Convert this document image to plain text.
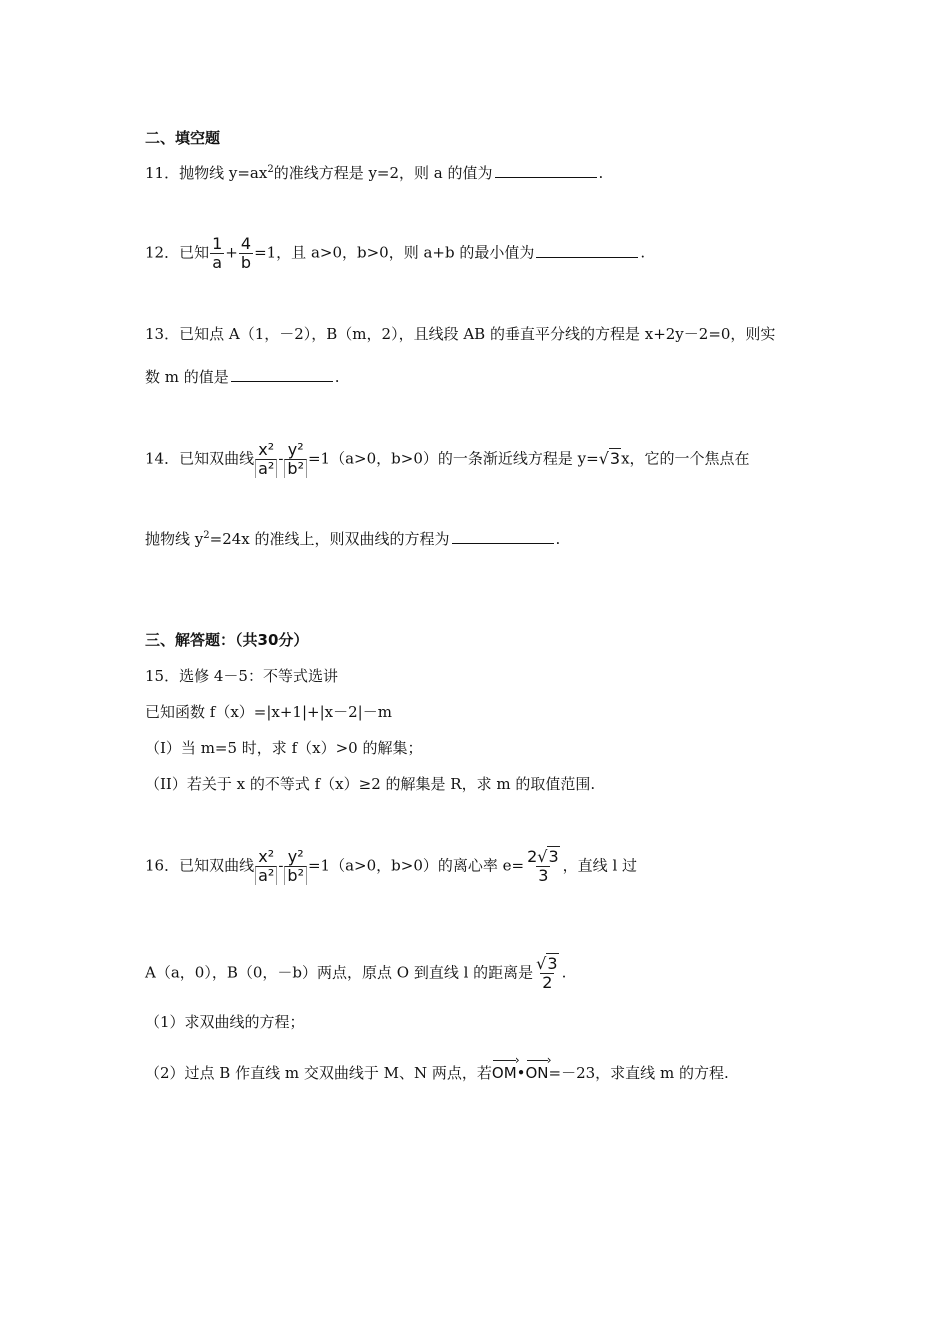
二、填空题
11．抛物线 $y=ax^2$的准线方程是 y=2，则 a 的值为	.
12．已知 $\frac{1}{a} + \frac{4}{b} =1$，且 a>0，b>0，则 a+b 的最小值为	.
13．已知点 A（1，－2），B（m，2），且线段 AB 的垂直平分线的方程是 x+2y－2=0，则实
数 m 的值是	.
14．已知双曲线 $\frac{\text{x²}}{\text{a²}} - \frac{\text{y²}}{\text{b²}} =1(a>0$，b>0）的一条渐近线方程是 y=√3x，它的一个焦点在
抛物线 $y^2=24x$ 的准线上，则双曲线的方程为	.
三、解答题：（共30分）
15．选修 4－5：不等式选讲
已知函数 f（x）=|x+1|+|x－2|－m
（I）当 m=5 时，求 f（x）>0 的解集；
（II）若关于 x 的不等式 f（x）≥2 的解集是 R，求 m 的取值范围.
16．已知双曲线 $\frac{\text{x²}}{\text{a²}} - \frac{\text{y²}}{\text{b²}} =1(a>0$，b>0）的离心率 $e= \frac{2√3}{3}$ ，直线 l 过
A（a，0），B（0，－b）两点，原点 O 到直线 l 的距离是 $\frac{√3}{2}$ .
（1）求双曲线的方程；
（2）过点 B 作直线 m 交双曲线于 M、N 两点，若OM ›•ON ›=－23，求直线 m 的方程.
